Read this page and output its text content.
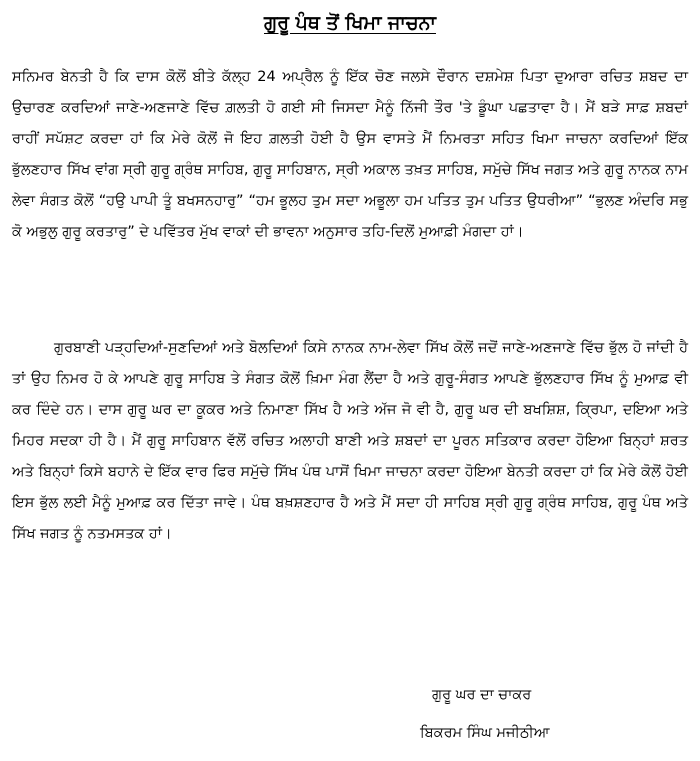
ਗੁਰੂ ਪੰਥ ਤੋਂ ਖਿਮਾ ਜਾਚਨਾ

ਸਨਿਮਰ ਬੇਨਤੀ ਹੈ ਕਿ ਦਾਸ ਕੋਲੋਂ ਬੀਤੇ ਕੱਲ੍ਹ 24 ਅਪ੍ਰੈਲ ਨੂੰ ਇੱਕ ਚੋਣ ਜਲਸੇ ਦੌਰਾਨ ਦਸ਼ਮੇਸ਼ ਪਿਤਾ ਦੁਆਰਾ ਰਚਿਤ ਸ਼ਬਦ ਦਾ ਉਚਾਰਣ ਕਰਦਿਆਂ ਜਾਣੇ-ਅਣਜਾਣੇ ਵਿੱਚ ਗ਼ਲਤੀ ਹੋ ਗਈ ਸੀ ਜਿਸਦਾ ਮੈਨੂੰ ਨਿੱਜੀ ਤੌਰ 'ਤੇ ਡੂੰਘਾ ਪਛਤਾਵਾ ਹੈ। ਮੈਂ ਬੜੇ ਸਾਫ਼ ਸ਼ਬਦਾਂ ਰਾਹੀਂ ਸਪੱਸ਼ਟ ਕਰਦਾ ਹਾਂ ਕਿ ਮੇਰੇ ਕੋਲੋਂ ਜੋ ਇਹ ਗ਼ਲਤੀ ਹੋਈ ਹੈ ਉਸ ਵਾਸਤੇ ਮੈਂ ਨਿਮਰਤਾ ਸਹਿਤ ਖਿਮਾ ਜਾਚਨਾ ਕਰਦਿਆਂ ਇੱਕ ਭੁੱਲਣਹਾਰ ਸਿੱਖ ਵਾਂਗ ਸ੍ਰੀ ਗੁਰੂ ਗ੍ਰੰਥ ਸਾਹਿਬ, ਗੁਰੂ ਸਾਹਿਬਾਨ, ਸ੍ਰੀ ਅਕਾਲ ਤਖ਼ਤ ਸਾਹਿਬ, ਸਮੁੱਚੇ ਸਿੱਖ ਜਗਤ ਅਤੇ ਗੁਰੂ ਨਾਨਕ ਨਾਮ ਲੇਵਾ ਸੰਗਤ ਕੋਲੋਂ “ਹਉ ਪਾਪੀ ਤੂੰ ਬਖਸਨਹਾਰੁ” “ਹਮ ਭੂਲਹ ਤੁਮ ਸਦਾ ਅਭੂਲਾ ਹਮ ਪਤਿਤ ਤੁਮ ਪਤਿਤ ਉਧਰੀਆ” “ਭੁਲਣ ਅੰਦਰਿ ਸਭੁ ਕੋ ਅਭੁਲੁ ਗੁਰੂ ਕਰਤਾਰੁ” ਦੇ ਪਵਿੱਤਰ ਮੁੱਖ ਵਾਕਾਂ ਦੀ ਭਾਵਨਾ ਅਨੁਸਾਰ ਤਹਿ-ਦਿਲੋਂ ਮੁਆਫ਼ੀ ਮੰਗਦਾ ਹਾਂ।

ਗੁਰਬਾਣੀ ਪੜ੍ਹਦਿਆਂ-ਸੁਣਦਿਆਂ ਅਤੇ ਬੋਲਦਿਆਂ ਕਿਸੇ ਨਾਨਕ ਨਾਮ-ਲੇਵਾ ਸਿੱਖ ਕੋਲੋਂ ਜਦੋਂ ਜਾਣੇ-ਅਣਜਾਣੇ ਵਿੱਚ ਭੁੱਲ ਹੋ ਜਾਂਦੀ ਹੈ ਤਾਂ ਉਹ ਨਿਮਰ ਹੋ ਕੇ ਆਪਣੇ ਗੁਰੂ ਸਾਹਿਬ ਤੇ ਸੰਗਤ ਕੋਲੋਂ ਖ਼ਿਮਾ ਮੰਗ ਲੈਂਦਾ ਹੈ ਅਤੇ ਗੁਰੂ-ਸੰਗਤ ਆਪਣੇ ਭੁੱਲਣਹਾਰ ਸਿੱਖ ਨੂੰ ਮੁਆਫ਼ ਵੀ ਕਰ ਦਿੰਦੇ ਹਨ। ਦਾਸ ਗੁਰੂ ਘਰ ਦਾ ਕੂਕਰ ਅਤੇ ਨਿਮਾਣਾ ਸਿੱਖ ਹੈ ਅਤੇ ਅੱਜ ਜੋ ਵੀ ਹੈ, ਗੁਰੂ ਘਰ ਦੀ ਬਖਸ਼ਿਸ਼, ਕ੍ਰਿਪਾ, ਦਇਆ ਅਤੇ ਮਿਹਰ ਸਦਕਾ ਹੀ ਹੈ। ਮੈਂ ਗੁਰੂ ਸਾਹਿਬਾਨ ਵੱਲੋਂ ਰਚਿਤ ਅਲਾਹੀ ਬਾਣੀ ਅਤੇ ਸ਼ਬਦਾਂ ਦਾ ਪੂਰਨ ਸਤਿਕਾਰ ਕਰਦਾ ਹੋਇਆ ਬਿਨ੍ਹਾਂ ਸ਼ਰਤ ਅਤੇ ਬਿਨ੍ਹਾਂ ਕਿਸੇ ਬਹਾਨੇ ਦੇ ਇੱਕ ਵਾਰ ਫਿਰ ਸਮੁੱਚੇ ਸਿੱਖ ਪੰਥ ਪਾਸੋਂ ਖਿਮਾ ਜਾਚਨਾ ਕਰਦਾ ਹੋਇਆ ਬੇਨਤੀ ਕਰਦਾ ਹਾਂ ਕਿ ਮੇਰੇ ਕੋਲੋਂ ਹੋਈ ਇਸ ਭੁੱਲ ਲਈ ਮੈਨੂੰ ਮੁਆਫ਼ ਕਰ ਦਿੱਤਾ ਜਾਵੇ। ਪੰਥ ਬਖ਼ਸ਼ਣਹਾਰ ਹੈ ਅਤੇ ਮੈਂ ਸਦਾ ਹੀ ਸਾਹਿਬ ਸ੍ਰੀ ਗੁਰੂ ਗ੍ਰੰਥ ਸਾਹਿਬ, ਗੁਰੂ ਪੰਥ ਅਤੇ ਸਿੱਖ ਜਗਤ ਨੂੰ ਨਤਮਸਤਕ ਹਾਂ।

ਗੁਰੂ ਘਰ ਦਾ ਚਾਕਰ
ਬਿਕਰਮ ਸਿੰਘ ਮਜੀਠੀਆ
